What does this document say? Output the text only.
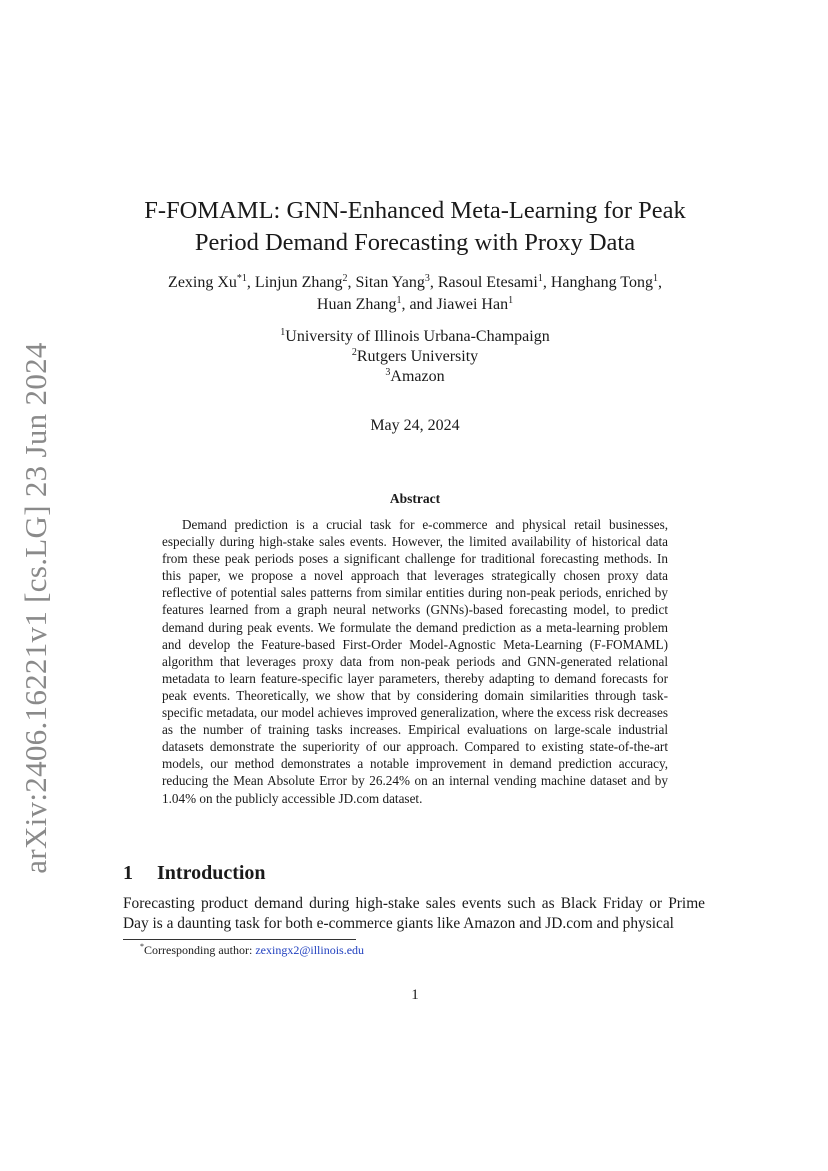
arXiv:2406.16221v1 [cs.LG] 23 Jun 2024
F-FOMAML: GNN-Enhanced Meta-Learning for Peak
Period Demand Forecasting with Proxy Data
Zexing Xu$^{*1}$, Linjun Zhang$^2$, Sitan Yang$^3$, Rasoul Etesami$^1$, Hanghang Tong$^1$,
Huan Zhang$^1$, and Jiawei Han$^1$
$^1$University of Illinois Urbana-Champaign
$^2$Rutgers University
$^3$Amazon
May 24, 2024
Abstract

Demand prediction is a crucial task for e-commerce and physical retail businesses, especially during high-stake sales events. However, the limited availability of historical data from these peak periods poses a significant challenge for traditional forecasting methods. In this paper, we propose a novel approach that leverages strategically chosen proxy data reflective of potential sales patterns from similar entities during non-peak periods, enriched by features learned from a graph neural networks (GNNs)-based forecasting model, to predict demand during peak events. We formulate the demand prediction as a meta-learning problem and develop the Feature-based First-Order Model-Agnostic Meta-Learning (F-FOMAML) algorithm that leverages proxy data from non-peak periods and GNN-generated relational metadata to learn feature-specific layer parameters, thereby adapting to demand forecasts for peak events. Theoretically, we show that by considering domain similarities through task-specific metadata, our model achieves improved generalization, where the excess risk decreases as the number of training tasks increases. Empirical evaluations on large-scale industrial datasets demonstrate the superiority of our approach. Compared to existing state-of-the-art models, our method demonstrates a notable improvement in demand prediction accuracy, reducing the Mean Absolute Error by 26.24% on an internal vending machine dataset and by 1.04% on the publicly accessible JD.com dataset.

1 Introduction

Forecasting product demand during high-stake sales events such as Black Friday or Prime Day is a daunting task for both e-commerce giants like Amazon and JD.com and physical

*Corresponding author: zexingx2@illinois.edu
1
